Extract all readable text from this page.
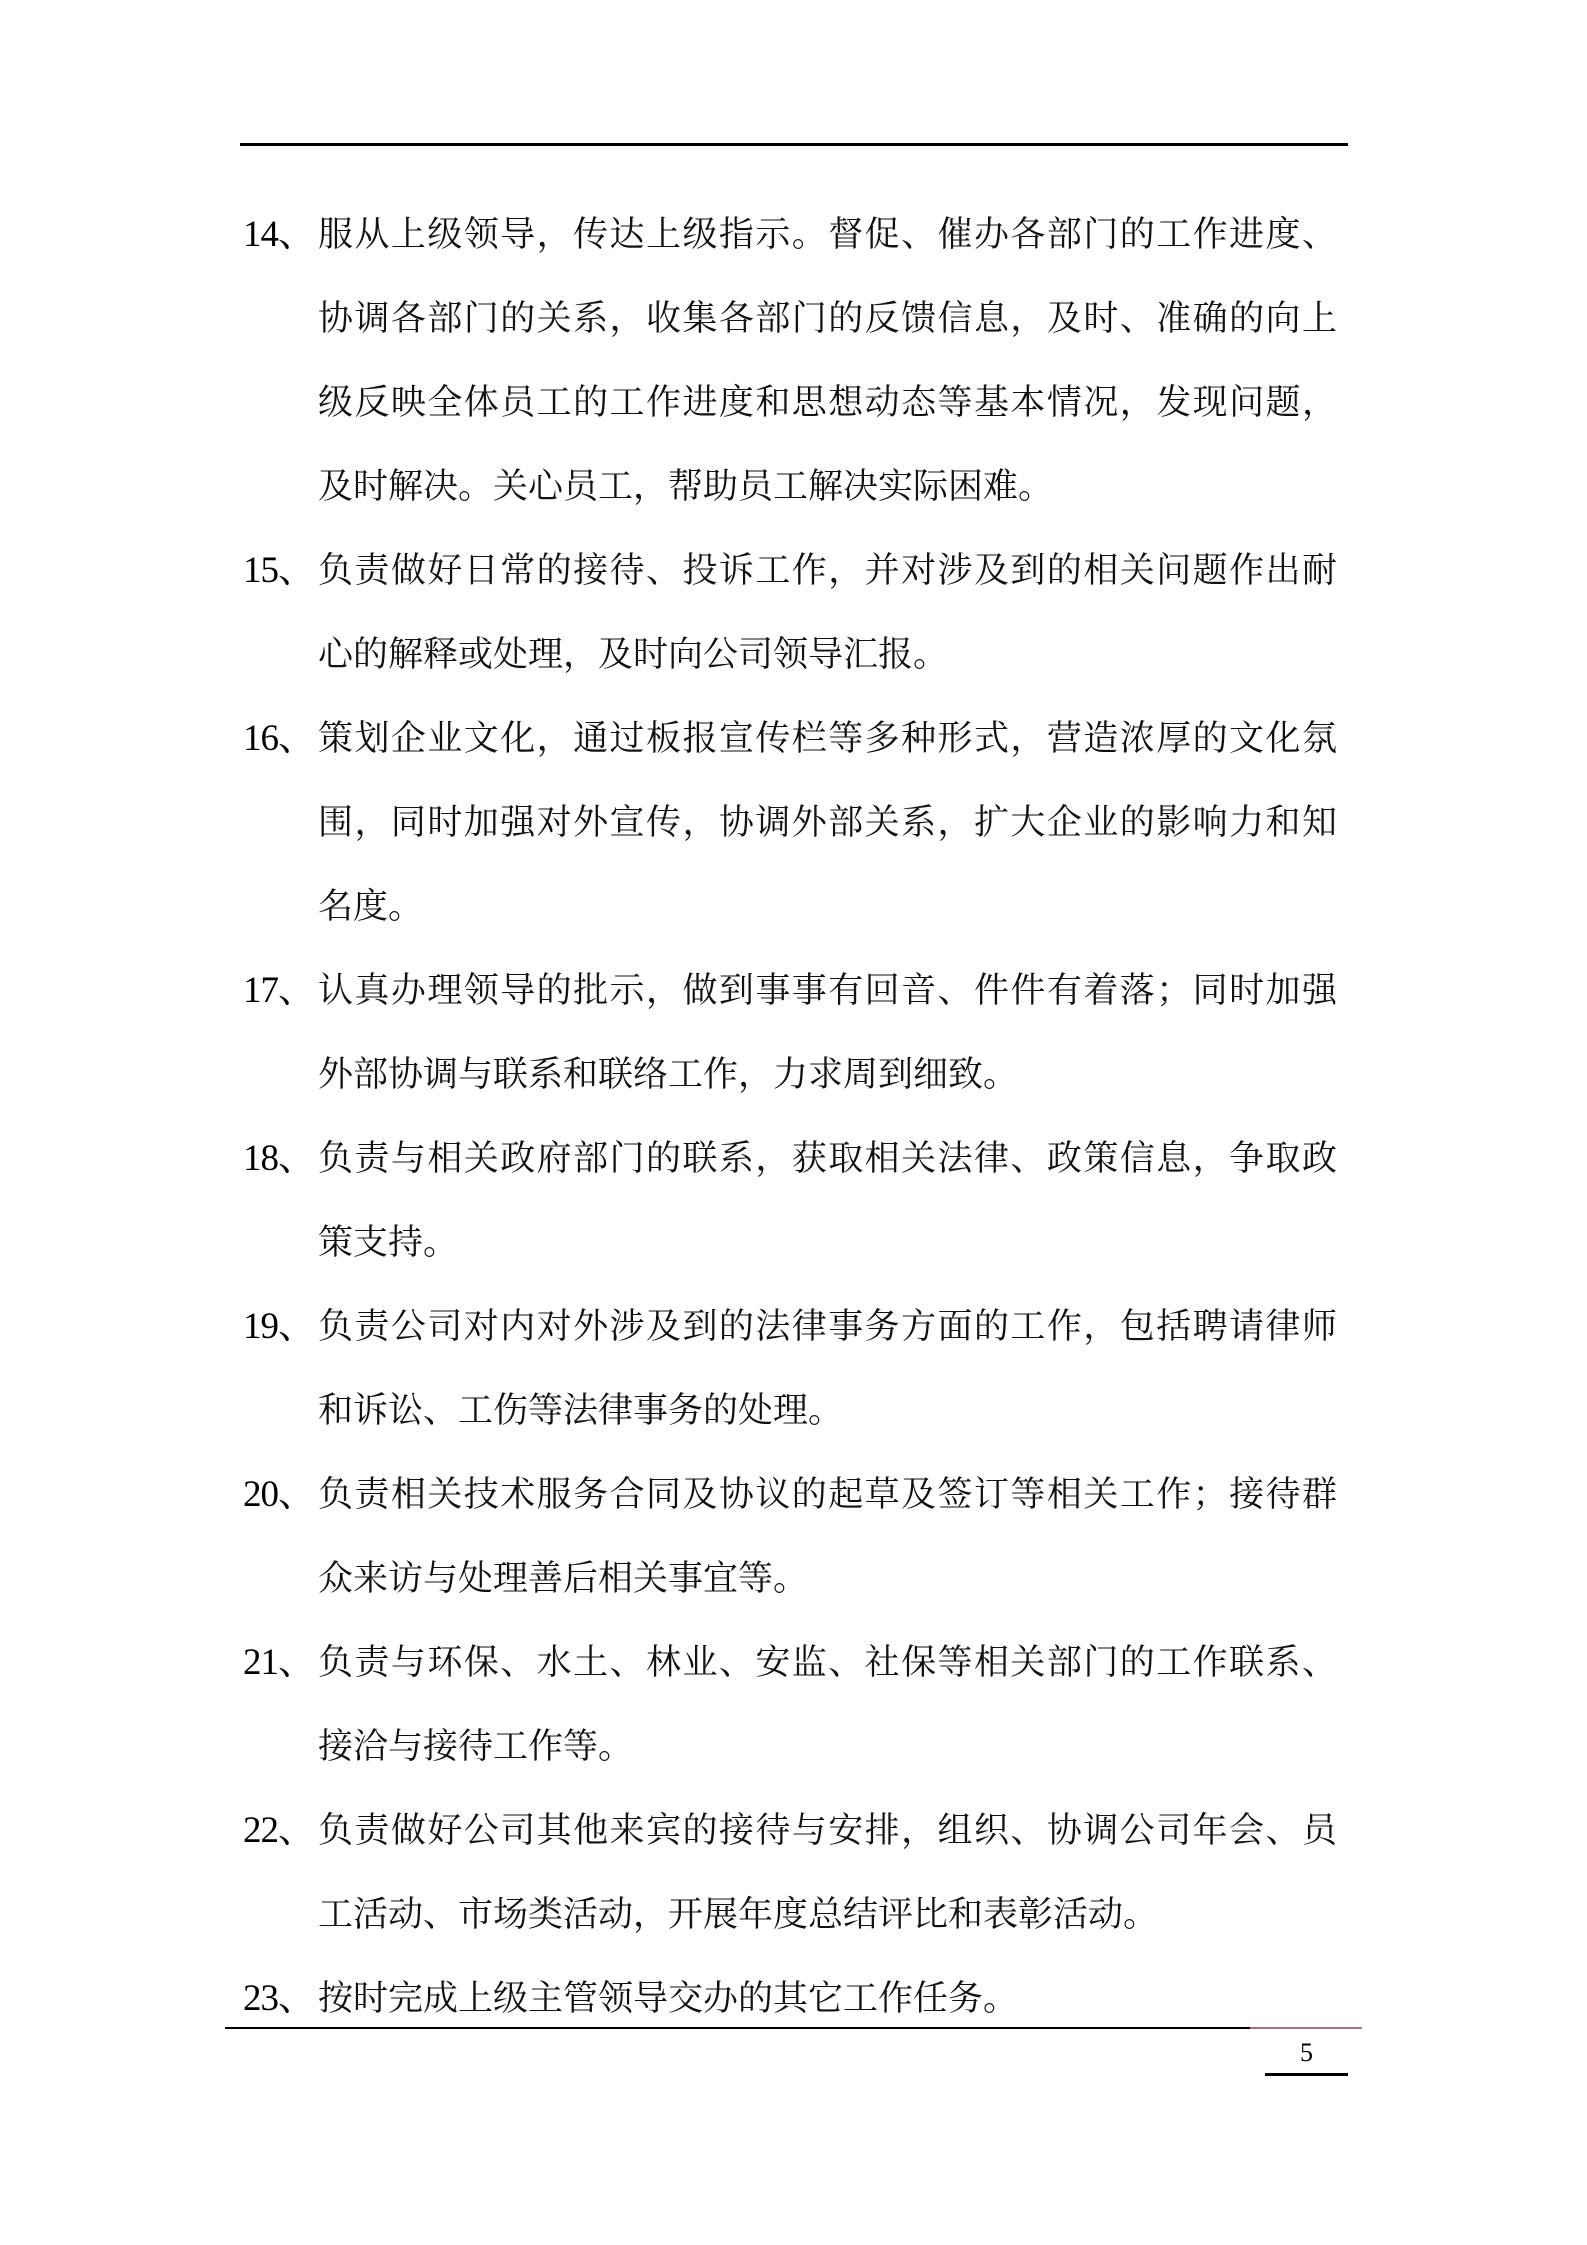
14、 服从上级领导，传达上级指示。督促、催办各部门的工作进度、
协调各部门的关系，收集各部门的反馈信息，及时、准确的向上
级反映全体员工的工作进度和思想动态等基本情况，发现问题，
及时解决。关心员工，帮助员工解决实际困难。
15、 负责做好日常的接待、投诉工作，并对涉及到的相关问题作出耐
心的解释或处理，及时向公司领导汇报。
16、 策划企业文化，通过板报宣传栏等多种形式，营造浓厚的文化氛
围，同时加强对外宣传，协调外部关系，扩大企业的影响力和知
名度。
17、 认真办理领导的批示，做到事事有回音、件件有着落；同时加强
外部协调与联系和联络工作，力求周到细致。
18、 负责与相关政府部门的联系，获取相关法律、政策信息，争取政
策支持。
19、 负责公司对内对外涉及到的法律事务方面的工作，包括聘请律师
和诉讼、工伤等法律事务的处理。
20、 负责相关技术服务合同及协议的起草及签订等相关工作；接待群
众来访与处理善后相关事宜等。
21、 负责与环保、水土、林业、安监、社保等相关部门的工作联系、
接洽与接待工作等。
22、 负责做好公司其他来宾的接待与安排，组织、协调公司年会、员
工活动、市场类活动，开展年度总结评比和表彰活动。
23、 按时完成上级主管领导交办的其它工作任务。
5
